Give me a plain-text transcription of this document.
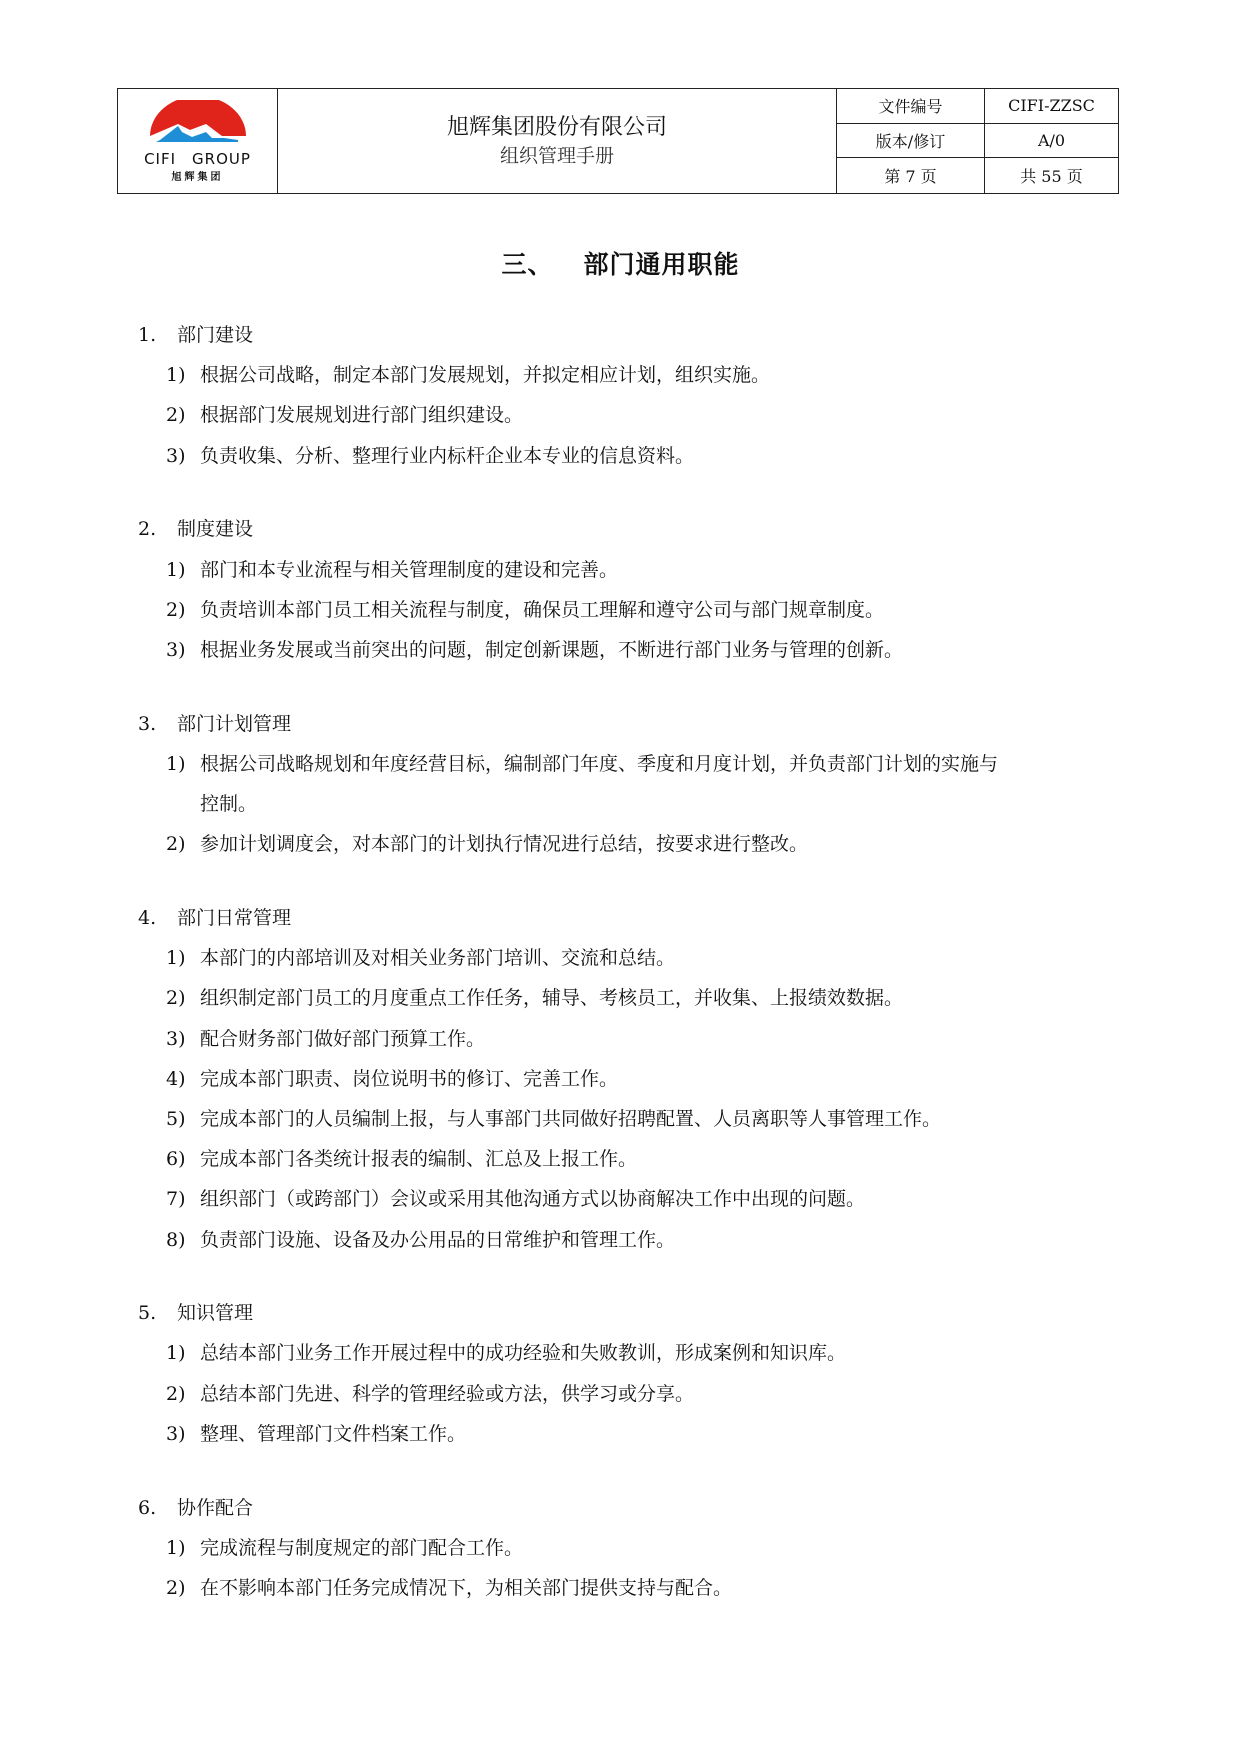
CIFI GROUP
旭辉集团
旭辉集团股份有限公司
组织管理手册
文件编号	CIFI-ZZSC
版本/修订	A/0
第 7 页	共 55 页
三、 部门通用职能
1. 部门建设
1) 根据公司战略，制定本部门发展规划，并拟定相应计划，组织实施。
2) 根据部门发展规划进行部门组织建设。
3) 负责收集、分析、整理行业内标杆企业本专业的信息资料。
2. 制度建设
1) 部门和本专业流程与相关管理制度的建设和完善。
2) 负责培训本部门员工相关流程与制度，确保员工理解和遵守公司与部门规章制度。
3) 根据业务发展或当前突出的问题，制定创新课题，不断进行部门业务与管理的创新。
3. 部门计划管理
1) 根据公司战略规划和年度经营目标，编制部门年度、季度和月度计划，并负责部门计划的实施与
控制。
2) 参加计划调度会，对本部门的计划执行情况进行总结，按要求进行整改。
4. 部门日常管理
1) 本部门的内部培训及对相关业务部门培训、交流和总结。
2) 组织制定部门员工的月度重点工作任务，辅导、考核员工，并收集、上报绩效数据。
3) 配合财务部门做好部门预算工作。
4) 完成本部门职责、岗位说明书的修订、完善工作。
5) 完成本部门的人员编制上报，与人事部门共同做好招聘配置、人员离职等人事管理工作。
6) 完成本部门各类统计报表的编制、汇总及上报工作。
7) 组织部门（或跨部门）会议或采用其他沟通方式以协商解决工作中出现的问题。
8) 负责部门设施、设备及办公用品的日常维护和管理工作。
5. 知识管理
1) 总结本部门业务工作开展过程中的成功经验和失败教训，形成案例和知识库。
2) 总结本部门先进、科学的管理经验或方法，供学习或分享。
3) 整理、管理部门文件档案工作。
6. 协作配合
1) 完成流程与制度规定的部门配合工作。
2) 在不影响本部门任务完成情况下，为相关部门提供支持与配合。
